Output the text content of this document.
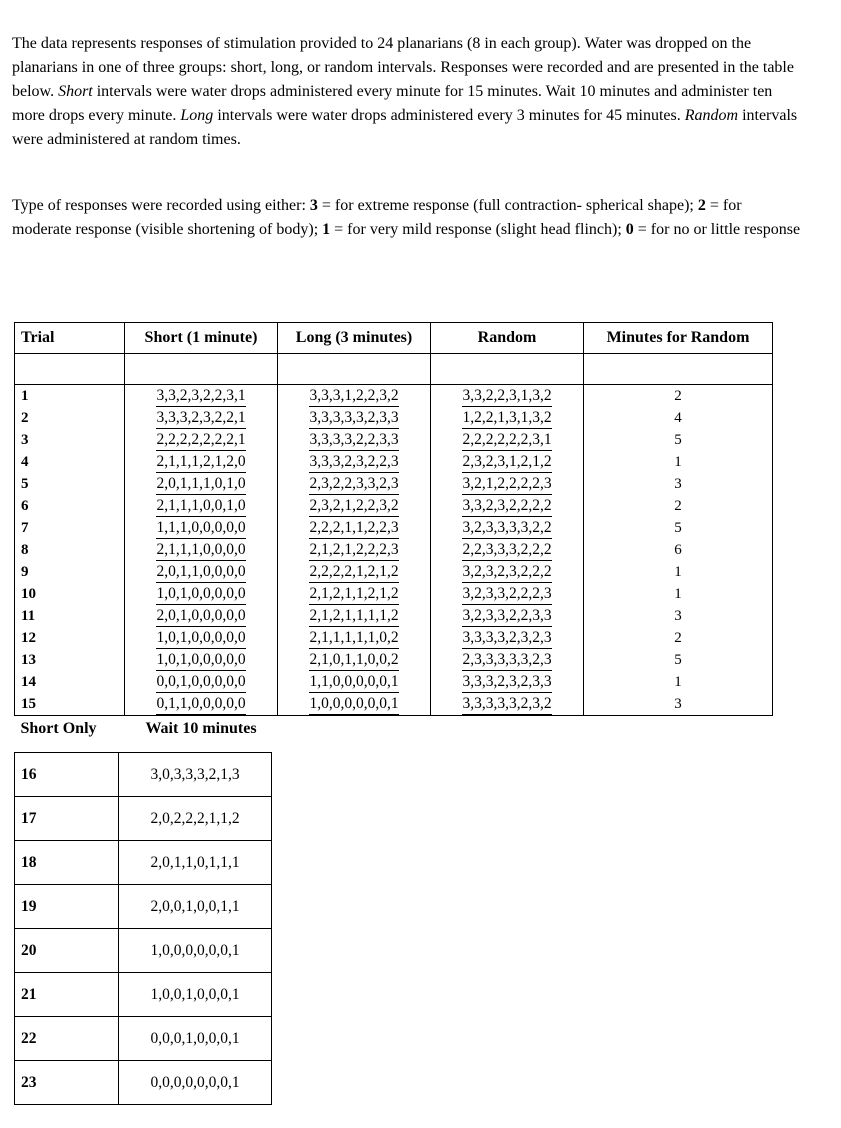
The data represents responses of stimulation provided to 24 planarians (8 in each group). Water was dropped on the planarians in one of three groups: short, long, or random intervals. Responses were recorded and are presented in the table below. Short intervals were water drops administered every minute for 15 minutes. Wait 10 minutes and administer ten more drops every minute. Long intervals were water drops administered every 3 minutes for 45 minutes. Random intervals were administered at random times.

Type of responses were recorded using either: 3 = for extreme response (full contraction- spherical shape); 2 = for moderate response (visible shortening of body); 1 = for very mild response (slight head flinch); 0 = for no or little response

Trial	Short (1 minute)	Long (3 minutes)	Random	Minutes for Random

1	3,3,2,3,2,2,3,1	3,3,3,1,2,2,3,2	3,3,2,2,3,1,3,2	2
2	3,3,3,2,3,2,2,1	3,3,3,3,3,2,3,3	1,2,2,1,3,1,3,2	4
3	2,2,2,2,2,2,2,1	3,3,3,3,2,2,3,3	2,2,2,2,2,2,3,1	5
4	2,1,1,1,2,1,2,0	3,3,3,2,3,2,2,3	2,3,2,3,1,2,1,2	1
5	2,0,1,1,1,0,1,0	2,3,2,2,3,3,2,3	3,2,1,2,2,2,2,3	3
6	2,1,1,1,0,0,1,0	2,3,2,1,2,2,3,2	3,3,2,3,2,2,2,2	2
7	1,1,1,0,0,0,0,0	2,2,2,1,1,2,2,3	3,2,3,3,3,3,2,2	5
8	2,1,1,1,0,0,0,0	2,1,2,1,2,2,2,3	2,2,3,3,3,2,2,2	6
9	2,0,1,1,0,0,0,0	2,2,2,2,1,2,1,2	3,2,3,2,3,2,2,2	1
10	1,0,1,0,0,0,0,0	2,1,2,1,1,2,1,2	3,2,3,3,2,2,2,3	1
11	2,0,1,0,0,0,0,0	2,1,2,1,1,1,1,2	3,2,3,3,2,2,3,3	3
12	1,0,1,0,0,0,0,0	2,1,1,1,1,1,0,2	3,3,3,3,2,3,2,3	2
13	1,0,1,0,0,0,0,0	2,1,0,1,1,0,0,2	2,3,3,3,3,3,2,3	5
14	0,0,1,0,0,0,0,0	1,1,0,0,0,0,0,1	3,3,3,2,3,2,3,3	1
15	0,1,1,0,0,0,0,0	1,0,0,0,0,0,0,1	3,3,3,3,3,2,3,2	3
Short Only	Wait 10 minutes			
16	3,0,3,3,3,2,1,3
17	2,0,2,2,2,1,1,2
18	2,0,1,1,0,1,1,1
19	2,0,0,1,0,0,1,1
20	1,0,0,0,0,0,0,1
21	1,0,0,1,0,0,0,1
22	0,0,0,1,0,0,0,1
23	0,0,0,0,0,0,0,1
